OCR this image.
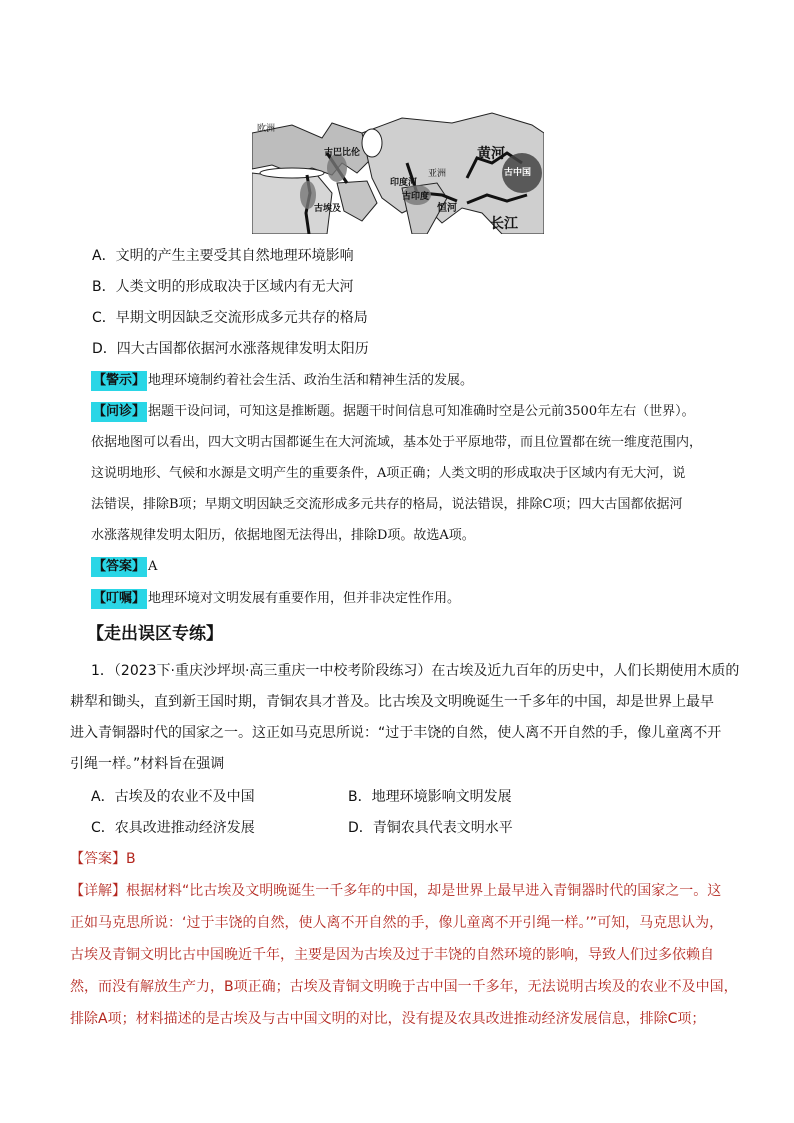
欧洲
亚洲
黄河
长江
印度河
恒河
古埃及
古巴比伦
古印度
古中国
A．文明的产生主要受其自然地理环境影响
B．人类文明的形成取决于区域内有无大河
C．早期文明因缺乏交流形成多元共存的格局
D．四大古国都依据河水涨落规律发明太阳历
【警示】 地理环境制约着社会生活、政治生活和精神生活的发展。
【问诊】 据题干设问词，可知这是推断题。据题干时间信息可知准确时空是公元前3500年左右（世界）。
依据地图可以看出，四大文明古国都诞生在大河流域，基本处于平原地带，而且位置都在统一维度范围内，
这说明地形、气候和水源是文明产生的重要条件，A项正确；人类文明的形成取决于区域内有无大河，说
法错误，排除B项；早期文明因缺乏交流形成多元共存的格局，说法错误，排除C项；四大古国都依据河
水涨落规律发明太阳历，依据地图无法得出，排除D项。故选A项。
【答案】 A
【叮嘱】 地理环境对文明发展有重要作用，但并非决定性作用。
【走出误区专练】
1．（2023下·重庆沙坪坝·高三重庆一中校考阶段练习）在古埃及近九百年的历史中，人们长期使用木质的
耕犁和锄头，直到新王国时期，青铜农具才普及。比古埃及文明晚诞生一千多年的中国，却是世界上最早
进入青铜器时代的国家之一。这正如马克思所说：“过于丰饶的自然，使人离不开自然的手，像儿童离不开
引绳一样。”材料旨在强调
A．古埃及的农业不及中国	B．地理环境影响文明发展
C．农具改进推动经济发展	D．青铜农具代表文明水平
【答案】B
【详解】根据材料“比古埃及文明晚诞生一千多年的中国，却是世界上最早进入青铜器时代的国家之一。这
正如马克思所说：‘过于丰饶的自然，使人离不开自然的手，像儿童离不开引绳一样。’”可知，马克思认为，
古埃及青铜文明比古中国晚近千年，主要是因为古埃及过于丰饶的自然环境的影响，导致人们过多依赖自
然，而没有解放生产力，B项正确；古埃及青铜文明晚于古中国一千多年，无法说明古埃及的农业不及中国，
排除A项；材料描述的是古埃及与古中国文明的对比，没有提及农具改进推动经济发展信息，排除C项；
